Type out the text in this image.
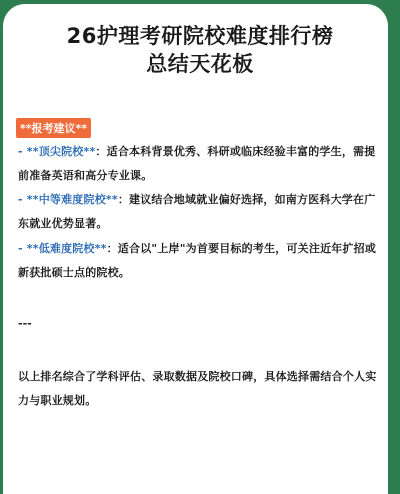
26护理考研院校难度排行榜
总结天花板
**报考建议**
- **顶尖院校**：适合本科背景优秀、科研或临床经验丰富的学生，需提前准备英语和高分专业课。
- **中等难度院校**：建议结合地域就业偏好选择，如南方医科大学在广东就业优势显著。
- **低难度院校**：适合以"上岸"为首要目标的考生，可关注近年扩招或新获批硕士点的院校。
---
以上排名综合了学科评估、录取数据及院校口碑，具体选择需结合个人实力与职业规划。
